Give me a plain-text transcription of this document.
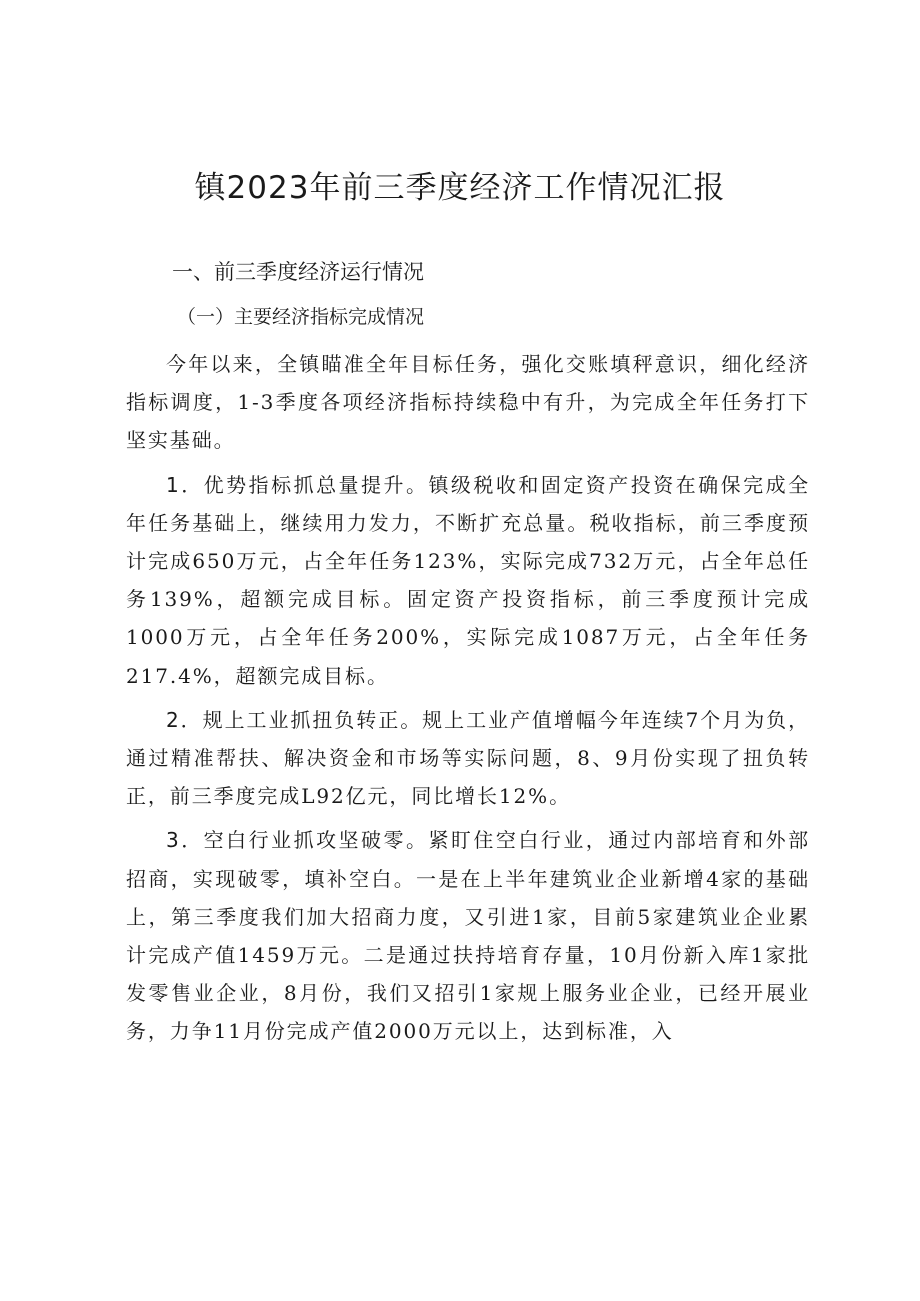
镇2023年前三季度经济工作情况汇报
一、前三季度经济运行情况
（一）主要经济指标完成情况

今年以来，全镇瞄准全年目标任务，强化交账填秤意识，细化经济指标调度，1-3季度各项经济指标持续稳中有升，为完成全年任务打下坚实基础。

1．优势指标抓总量提升。镇级税收和固定资产投资在确保完成全年任务基础上，继续用力发力，不断扩充总量。税收指标，前三季度预计完成650万元，占全年任务123%，实际完成732万元，占全年总任务139%，超额完成目标。固定资产投资指标，前三季度预计完成1000万元，占全年任务200%，实际完成1087万元，占全年任务217.4%，超额完成目标。

2．规上工业抓扭负转正。规上工业产值增幅今年连续7个月为负，通过精准帮扶、解决资金和市场等实际问题，8、9月份实现了扭负转正，前三季度完成L92亿元，同比增长12%。

3．空白行业抓攻坚破零。紧盯住空白行业，通过内部培育和外部招商，实现破零，填补空白。一是在上半年建筑业企业新增4家的基础上，第三季度我们加大招商力度，又引进1家，目前5家建筑业企业累计完成产值1459万元。二是通过扶持培育存量，10月份新入库1家批发零售业企业，8月份，我们又招引1家规上服务业企业，已经开展业务，力争11月份完成产值2000万元以上，达到标准，入
